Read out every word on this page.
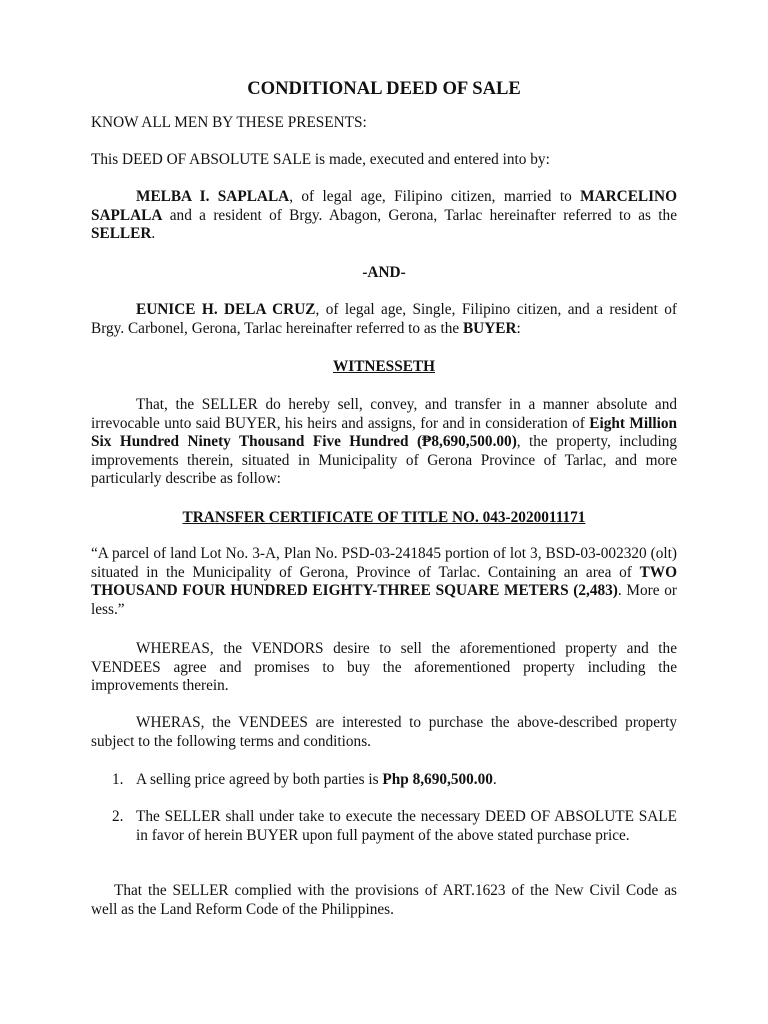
CONDITIONAL DEED OF SALE

KNOW ALL MEN BY THESE PRESENTS:

This DEED OF ABSOLUTE SALE is made, executed and entered into by:

MELBA I. SAPLALA, of legal age, Filipino citizen, married to MARCELINO SAPLALA and a resident of Brgy. Abagon, Gerona, Tarlac hereinafter referred to as the SELLER.

-AND-

EUNICE H. DELA CRUZ, of legal age, Single, Filipino citizen, and a resident of Brgy. Carbonel, Gerona, Tarlac hereinafter referred to as the BUYER:

WITNESSETH

That, the SELLER do hereby sell, convey, and transfer in a manner absolute and irrevocable unto said BUYER, his heirs and assigns, for and in consideration of Eight Million Six Hundred Ninety Thousand Five Hundred (₱8,690,500.00), the property, including improvements therein, situated in Municipality of Gerona Province of Tarlac, and more particularly describe as follow:

TRANSFER CERTIFICATE OF TITLE NO. 043-2020011171

“A parcel of land Lot No. 3-A, Plan No. PSD-03-241845 portion of lot 3, BSD-03-002320 (olt) situated in the Municipality of Gerona, Province of Tarlac. Containing an area of TWO THOUSAND FOUR HUNDRED EIGHTY-THREE SQUARE METERS (2,483). More or less.”

WHEREAS, the VENDORS desire to sell the aforementioned property and the VENDEES agree and promises to buy the aforementioned property including the improvements therein.

WHERAS, the VENDEES are interested to purchase the above-described property subject to the following terms and conditions.

1. A selling price agreed by both parties is Php 8,690,500.00.
2. The SELLER shall under take to execute the necessary DEED OF ABSOLUTE SALE in favor of herein BUYER upon full payment of the above stated purchase price.

That the SELLER complied with the provisions of ART.1623 of the New Civil Code as well as the Land Reform Code of the Philippines.
